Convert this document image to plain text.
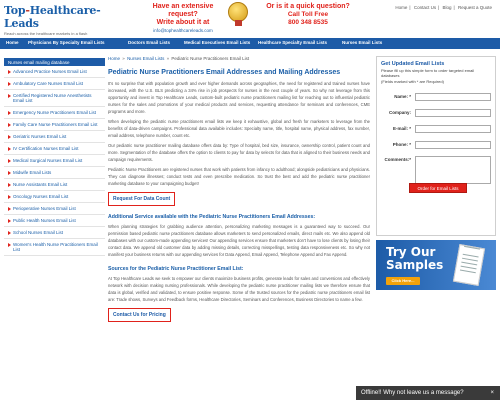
Top-Healthcare-Leads
Reach across the healthcare markets in a flash
Have an extensive request?
Write about it at
info@tophealthcareleads.com
Or is it a quick question?
Call Toll Free
800 348 8535
Home | Contact Us | Blog | Request a Quote
Home Physicians By Specialty Email Lists	Doctors Email Lists	Medical Executives Email Lists Healthcare Specialty Email Lists	Nurses Email Lists
Nurses email mailing database
Advanced Practice Nurses Email List
Ambulatory Care Nurses Email List
Certified Registered Nurse Anesthetists Email List
Emergency Nurse Practitioners Email List
Family Care Nurse Practitioners Email List
Geriatric Nurses Email List
IV Certification Nurses Email List
Medical Surgical Nurses Email List
Midwife Email Lists
Nurse Assistants Email List
Oncology Nurses Email List
Perioperative Nurses Email List
Public Health Nurses Email List
School Nurses Email List
Women's Health Nurse Practitioners Email List
Home » Nurses Email Lists » Pediatric Nurse Practitioners Email List
Pediatric Nurse Practitioners Email Addresses and Mailing Addresses

It's no surprise that with population growth and ever higher demands across geographies, the need for registered and trained nurses have increased, with the U.S. BLS predicting a 34% rise in job prospects for nurses in the next couple of years. So why not leverage from this opportunity and invest in Top Healthcare Leads, custom-built pediatric nurse practitioners mailing list for reaching out to influential pediatric nurses for the sales and promotions of your medical products and services, requesting attendance for seminars and conferences, CME programs and more.

When developing the pediatric nurse practitioners email lists we keep it exhaustive, global and fresh for marketers to leverage from the benefits of data-driven campaigns. Professional data available includes: Specialty name, title, hospital name, physical address, fax number, email address, telephone number, count etc.

Our pediatric nurse practitioner mailing database offers data by: Type of hospital, bed size, insurance, ownership control, patient count and more. Segmentation of the database offers the option to clients to pay for data by selects for data that is aligned to their business needs and campaign requirements.

Pediatric Nurse Practitioners are registered nurses that work with patients from infancy to adulthood; alongside pediatricians and physicians. They can diagnose illnesses; conduct tests and even prescribe medication. So trust the best and add the pediatric nurse practitioner marketing database to your campaigning budget!

Request For Data Count
Additional Service available with the Pediatric Nurse Practitioners Email Addresses:

When planning strategies for grabbing audience attention, personalizing marketing messages is a guaranteed way to succeed. Our permission based pediatric nurse practitioners database allows marketers to send personalized emails, direct mails etc. We also append old databases with our custom-made appending services! Our appending services ensure that marketers don't have to lose clients by losing their contact data. We append old customer data by adding missing details, correcting misspellings, testing data responsiveness etc. So why not manifest your business returns with our appending services for Data Append, Email Append, Telephone Append and Fax Append.

Sources for the Pediatric Nurse Practitioner Email List:

At Top Healthcare Leads we seek to empower our clients maximize business profits, generate leads for sales and conversions and effectively network with decision making nursing professionals. While developing the pediatric nurse practitioner mailing lists we therefore ensure that data is global, verified and validated, to ensure positive response. Some of the trusted sources for the pediatric nurse practitioners email list are: Trade shows, Surveys and Feedback forms, Healthcare Directories, Seminars and Conferences, Business Directories to name a few.

Contact Us for Pricing
Get Updated Email Lists
Please fill up this simple form to order targeted email databases
(Fields marked with * are Required)
Name: *
Company:
E-mail: *
Phone: *
Comments:*
Order for Email Lists
Try Our
Samples
Click Here...
Offline!! Why not leave us a message?	×
